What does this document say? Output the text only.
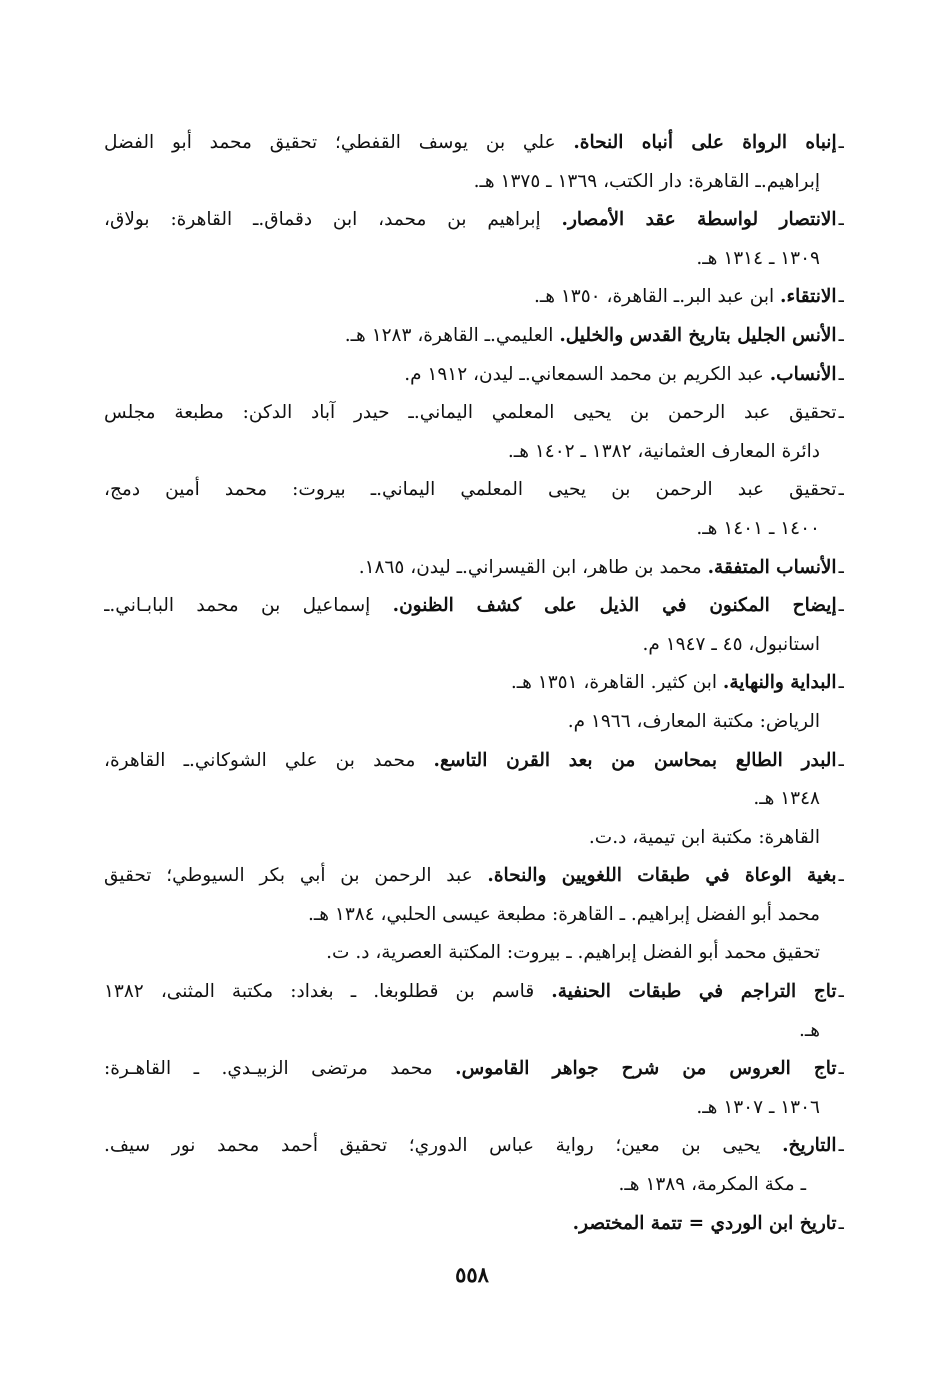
ـإنباه الرواة على أنباه النحاة. علي بن يوسف القفطي؛ تحقيق محمد أبو الفضل
إبراهيم.ـ القاهرة: دار الكتب، ١٣٦٩ ـ ١٣٧٥ هـ.
ـالانتصار لواسطة عقد الأمصار. إبراهيم بن محمد، ابن دقماق.ـ القاهرة: بولاق،
١٣٠٩ ـ ١٣١٤ هـ.
ـالانتقاء. ابن عبد البر.ـ القاهرة، ١٣٥٠ هـ.
ـالأنس الجليل بتاريخ القدس والخليل. العليمي.ـ القاهرة، ١٢٨٣ هـ.
ـالأنساب. عبد الكريم بن محمد السمعاني.ـ ليدن، ١٩١٢ م.
ـتحقيق عبد الرحمن بن يحيى المعلمي اليماني.ـ حيدر آباد الدكن: مطبعة مجلس
دائرة المعارف العثمانية، ١٣٨٢ ـ ١٤٠٢ هـ.
ـتحقيق عبد الرحمن بن يحيى المعلمي اليماني.ـ بيروت: محمد أمين دمج،
١٤٠٠ ـ ١٤٠١ هـ.
ـالأنساب المتفقة. محمد بن طاهر، ابن القيسراني.ـ ليدن، ١٨٦٥.
ـإيضاح المكنون في الذيل على كشف الظنون. إسماعيل بن محمد البابـاني.ـ
استانبول، ٤٥ ـ ١٩٤٧ م.
ـالبداية والنهاية. ابن كثير. القاهرة، ١٣٥١ هـ.
الرياض: مكتبة المعارف، ١٩٦٦ م.
ـالبدر الطالع بمحاسن من بعد القرن التاسع. محمد بن علي الشوكاني.ـ القاهرة،
١٣٤٨ هـ.
القاهرة: مكتبة ابن تيمية، د.ت.
ـبغية الوعاة في طبقات اللغويين والنحاة. عبد الرحمن بن أبي بكر السيوطي؛ تحقيق
محمد أبو الفضل إبراهيم. ـ القاهرة: مطبعة عيسى الحلبي، ١٣٨٤ هـ.
تحقيق محمد أبو الفضل إبراهيم. ـ بيروت: المكتبة العصرية، د. ت.
ـتاج التراجم في طبقات الحنفية. قاسم بن قطلوبغا. ـ بغداد: مكتبة المثنى، ١٣٨٢
هـ.
ـتاج العروس من شرح جواهر القاموس. محمد مرتضى الزبيـدي. ـ القاهـرة:
١٣٠٦ ـ ١٣٠٧ هـ.
ـالتاريخ. يحيى بن معين؛ رواية عباس الدوري؛ تحقيق أحمد محمد نور سيف.
ـ مكة المكرمة، ١٣٨٩ هـ.
ـتاريخ ابن الوردي = تتمة المختصر.
٥٥٨
